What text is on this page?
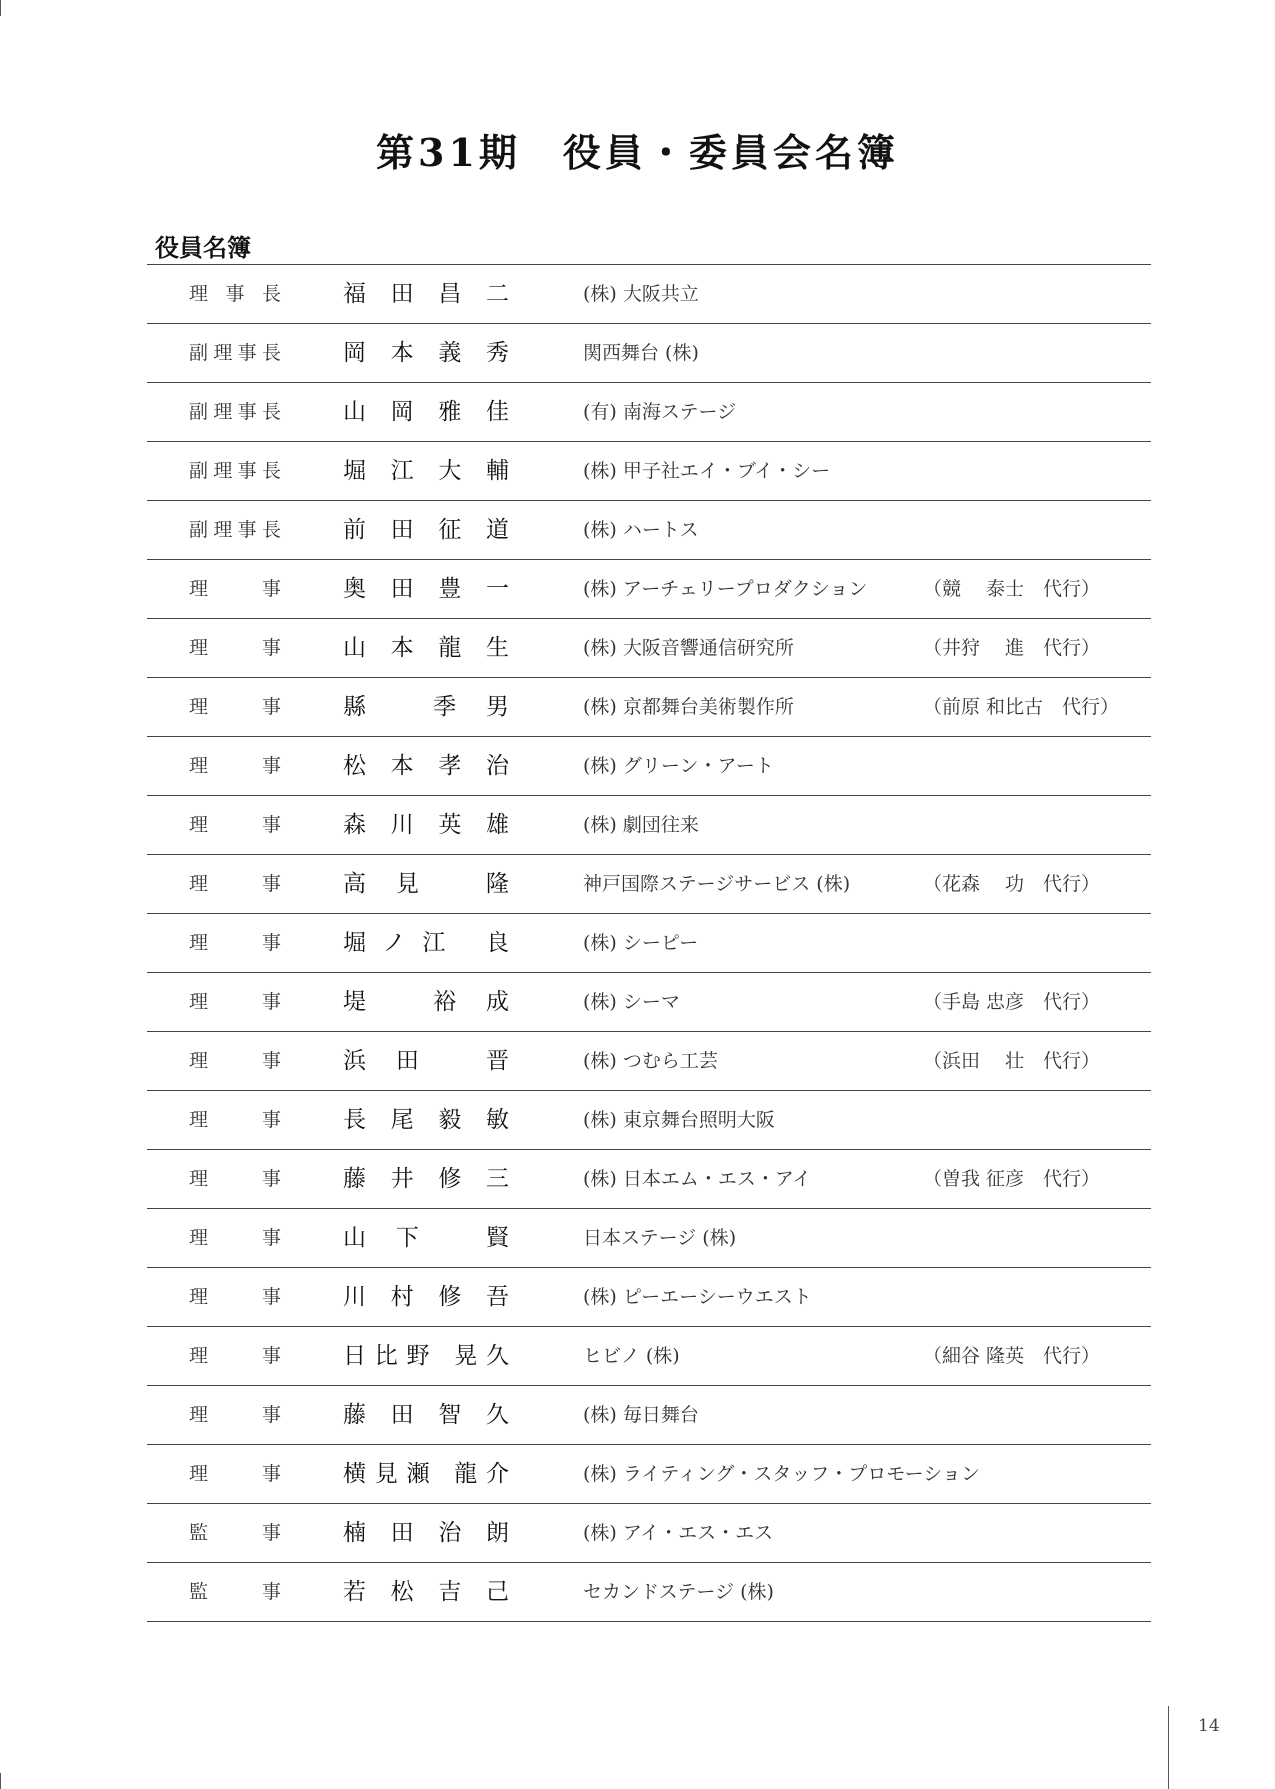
第31期　役員・委員会名簿
役員名簿
理事長	福田昌二	(株) 大阪共立
副理事長	岡本義秀	関西舞台 (株)
副理事長	山岡雅佳	(有) 南海ステージ
副理事長	堀江大輔	(株) 甲子社エイ・ブイ・シー
副理事長	前田征道	(株) ハートス
理事	奥田豊一	(株) アーチェリープロダクション	（競　 泰士　代行）
理事	山本龍生	(株) 大阪音響通信研究所	（井狩　 進　代行）
理事	縣 季男	(株) 京都舞台美術製作所	（前原 和比古　代行）
理事	松本孝治	(株) グリーン・アート
理事	森川英雄	(株) 劇団往来
理事	高見 隆	神戸国際ステージサービス (株)	（花森　 功　代行）
理事	堀ノ江 良	(株) シーピー
理事	堤 裕成	(株) シーマ	（手島 忠彦　代行）
理事	浜田 晋	(株) つむら工芸	（浜田　 壮　代行）
理事	長尾毅敏	(株) 東京舞台照明大阪
理事	藤井修三	(株) 日本エム・エス・アイ	（曽我 征彦　代行）
理事	山下 賢	日本ステージ (株)
理事	川村修吾	(株) ピーエーシーウエスト
理事	日比野 晃久	ヒビノ (株)	（細谷 隆英　代行）
理事	藤田智久	(株) 毎日舞台
理事	横見瀬 龍介	(株) ライティング・スタッフ・プロモーション
監事	楠田治朗	(株) アイ・エス・エス
監事	若松吉己	セカンドステージ (株)
14
